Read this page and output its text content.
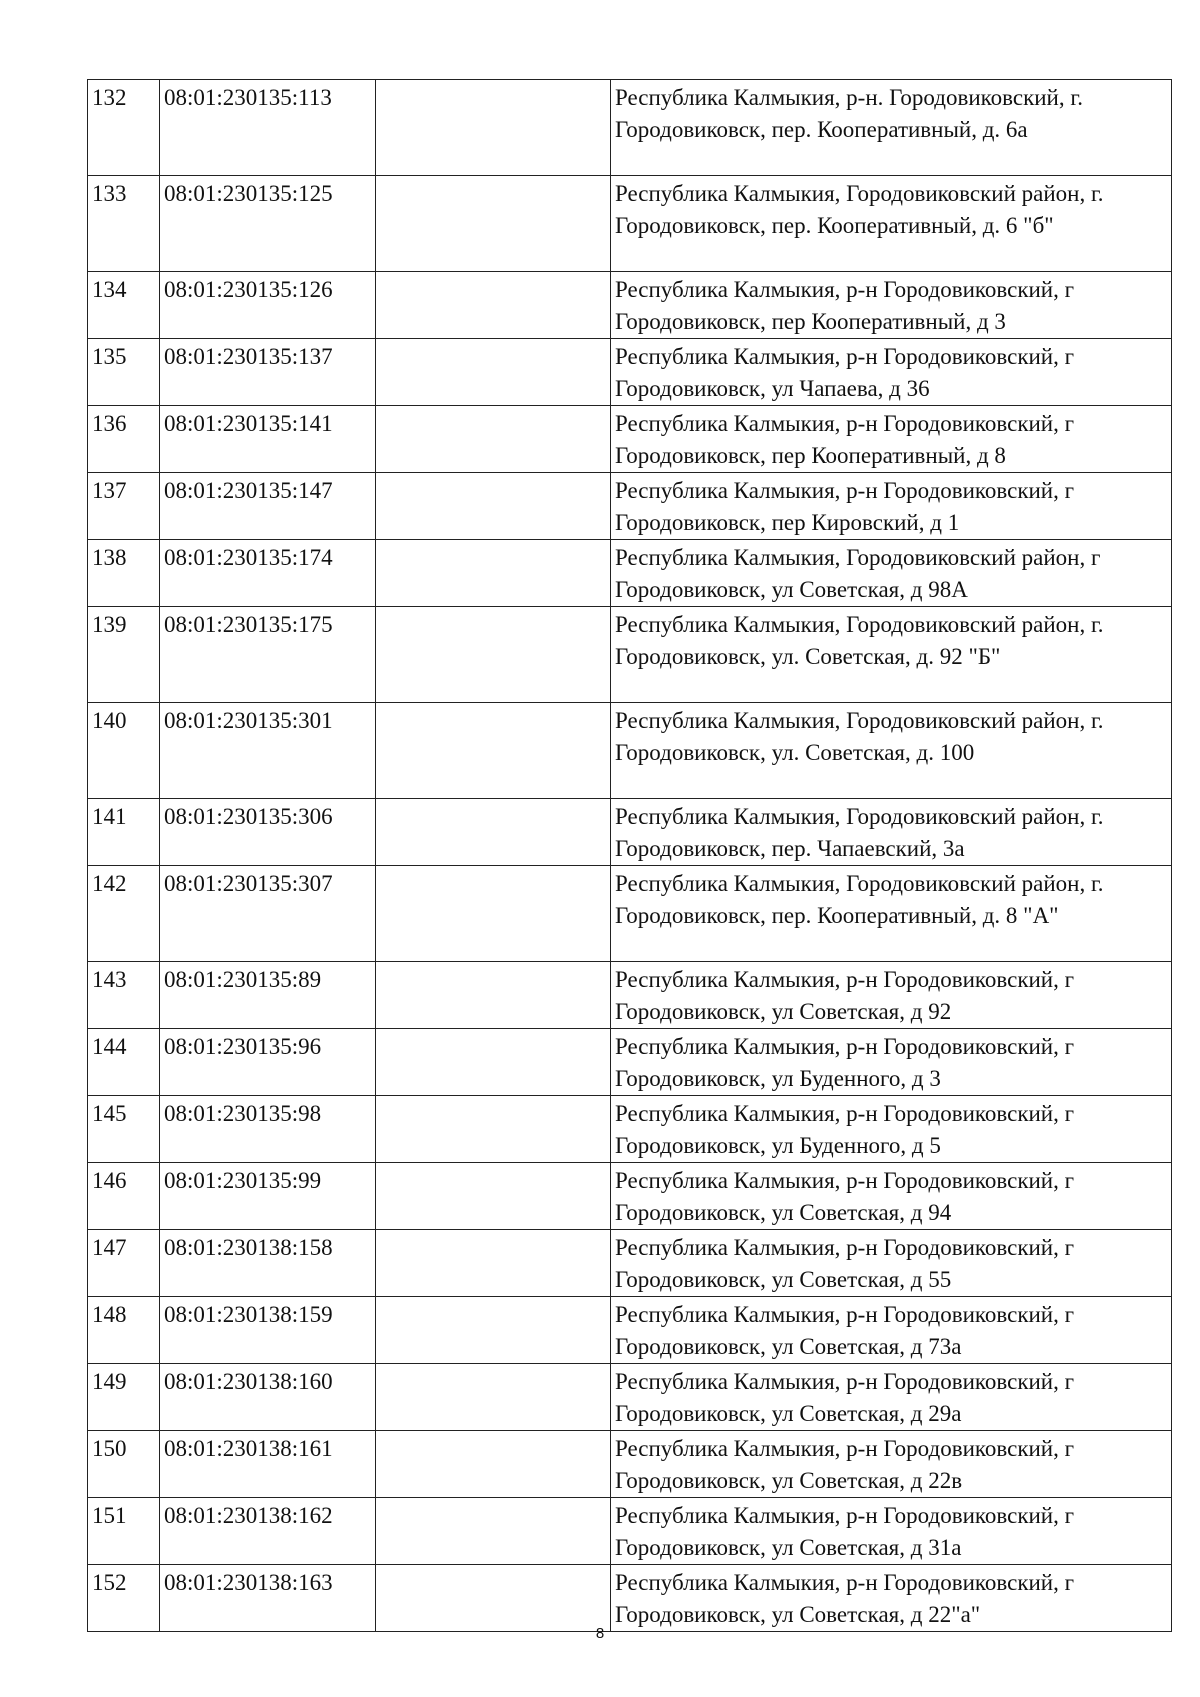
132	08:01:230135:113		Республика Калмыкия, р-н. Городовиковский, г. Городовиковск, пер. Кооперативный, д. 6а
133	08:01:230135:125		Республика Калмыкия, Городовиковский район, г. Городовиковск, пер. Кооперативный, д. 6 "б"
134	08:01:230135:126		Республика Калмыкия, р-н Городовиковский, г Городовиковск, пер Кооперативный, д 3
135	08:01:230135:137		Республика Калмыкия, р-н Городовиковский, г Городовиковск, ул Чапаева, д 36
136	08:01:230135:141		Республика Калмыкия, р-н Городовиковский, г Городовиковск, пер Кооперативный, д 8
137	08:01:230135:147		Республика Калмыкия, р-н Городовиковский, г Городовиковск, пер Кировский, д 1
138	08:01:230135:174		Республика Калмыкия, Городовиковский район, г Городовиковск, ул Советская, д 98А
139	08:01:230135:175		Республика Калмыкия, Городовиковский район, г. Городовиковск, ул. Советская, д. 92 "Б"
140	08:01:230135:301		Республика Калмыкия, Городовиковский район, г. Городовиковск, ул. Советская, д. 100
141	08:01:230135:306		Республика Калмыкия, Городовиковский район, г. Городовиковск, пер. Чапаевский, 3а
142	08:01:230135:307		Республика Калмыкия, Городовиковский район, г. Городовиковск, пер. Кооперативный, д. 8 "А"
143	08:01:230135:89		Республика Калмыкия, р-н Городовиковский, г Городовиковск, ул Советская, д 92
144	08:01:230135:96		Республика Калмыкия, р-н Городовиковский, г Городовиковск, ул Буденного, д 3
145	08:01:230135:98		Республика Калмыкия, р-н Городовиковский, г Городовиковск, ул Буденного, д 5
146	08:01:230135:99		Республика Калмыкия, р-н Городовиковский, г Городовиковск, ул Советская, д 94
147	08:01:230138:158		Республика Калмыкия, р-н Городовиковский, г Городовиковск, ул Советская, д 55
148	08:01:230138:159		Республика Калмыкия, р-н Городовиковский, г Городовиковск, ул Советская, д 73а
149	08:01:230138:160		Республика Калмыкия, р-н Городовиковский, г Городовиковск, ул Советская, д 29а
150	08:01:230138:161		Республика Калмыкия, р-н Городовиковский, г Городовиковск, ул Советская, д 22в
151	08:01:230138:162		Республика Калмыкия, р-н Городовиковский, г Городовиковск, ул Советская, д 31а
152	08:01:230138:163		Республика Калмыкия, р-н Городовиковский, г Городовиковск, ул Советская, д 22"а"
8
